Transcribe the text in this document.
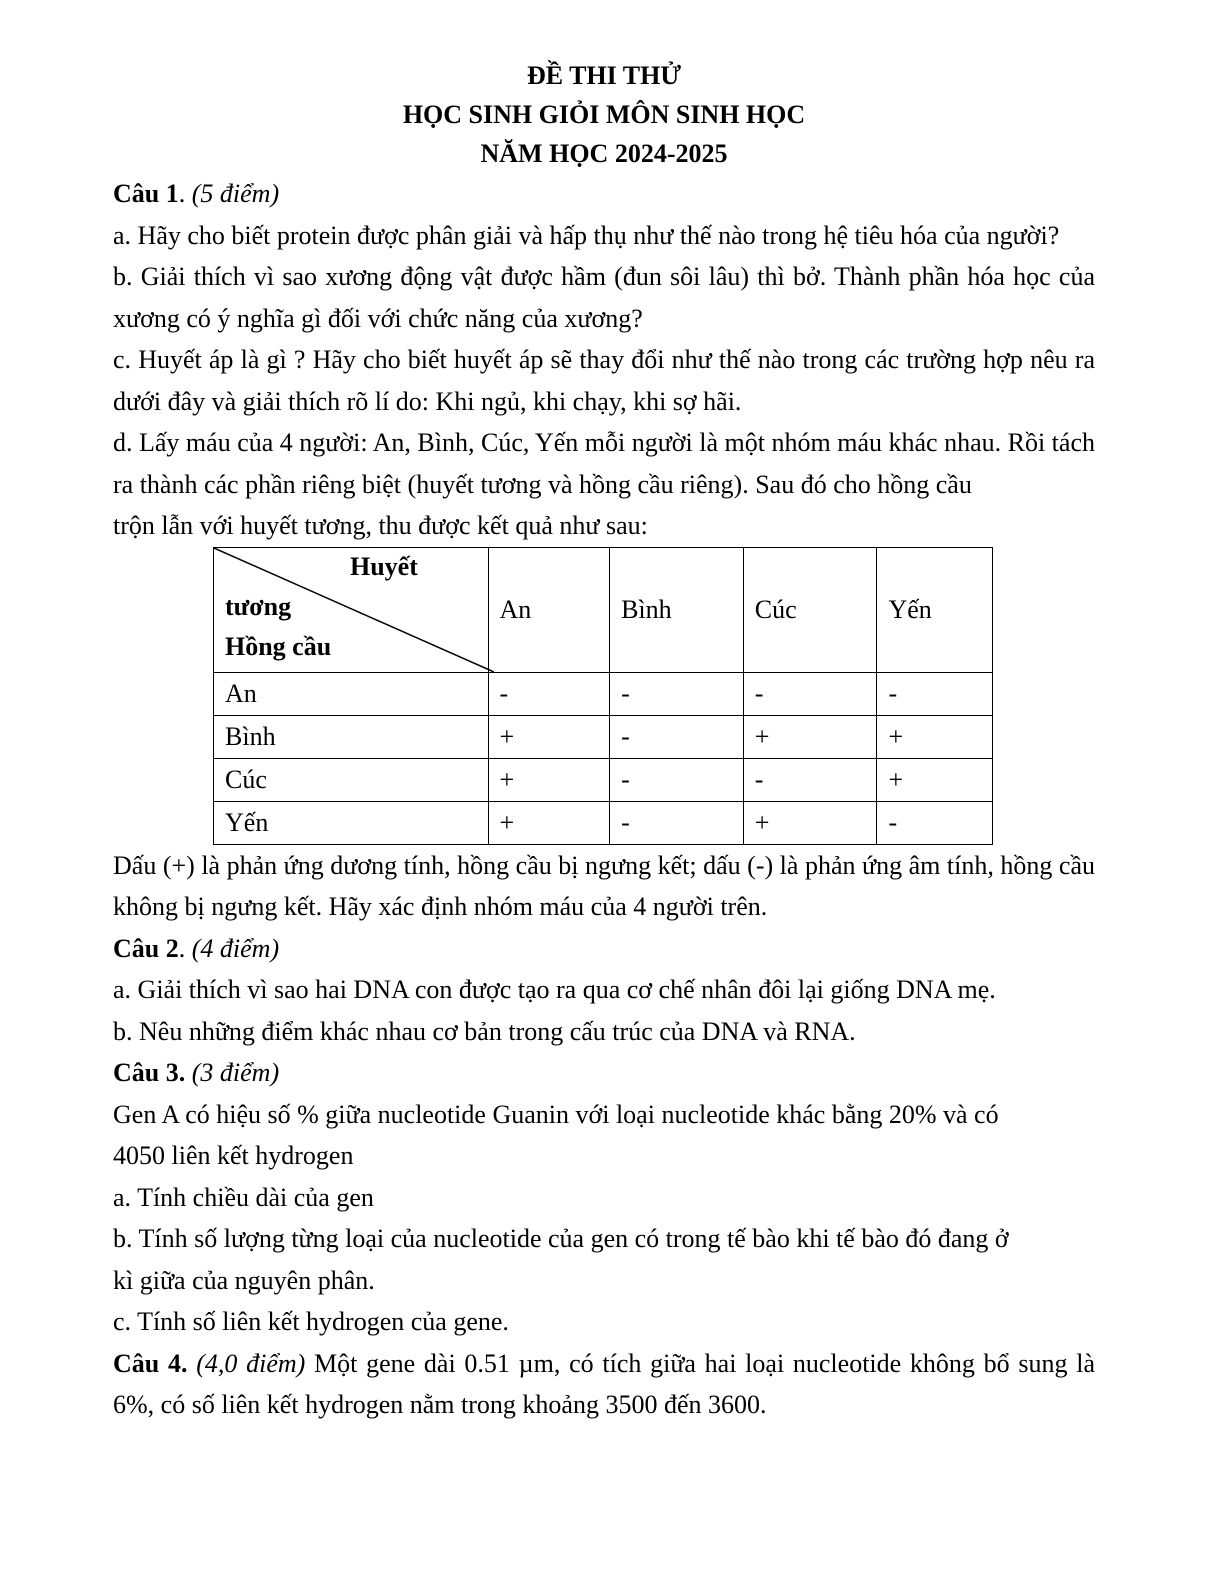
ĐỀ THI THỬ
HỌC SINH GIỎI MÔN SINH HỌC
NĂM HỌC 2024-2025

Câu 1. (5 điểm)

a. Hãy cho biết protein được phân giải và hấp thụ như thế nào trong hệ tiêu hóa của người?

b. Giải thích vì sao xương động vật được hầm (đun sôi lâu) thì bở. Thành phần hóa học của xương có ý nghĩa gì đối với chức năng của xương?

c. Huyết áp là gì ? Hãy cho biết huyết áp sẽ thay đổi như thế nào trong các trường hợp nêu ra dưới đây và giải thích rõ lí do: Khi ngủ, khi chạy, khi sợ hãi.

d. Lấy máu của 4 người: An, Bình, Cúc, Yến mỗi người là một nhóm máu khác nhau. Rồi tách ra thành các phần riêng biệt (huyết tương và hồng cầu riêng). Sau đó cho hồng cầu

trộn lẫn với huyết tương, thu được kết quả như sau:

Huyết
tương
Hồng cầu	An	Bình	Cúc	Yến
An	-	-	-	-
Bình	+	-	+	+
Cúc	+	-	-	+
Yến	+	-	+	-

Dấu (+) là phản ứng dương tính, hồng cầu bị ngưng kết; dấu (-) là phản ứng âm tính, hồng cầu không bị ngưng kết. Hãy xác định nhóm máu của 4 người trên.

Câu 2. (4 điểm)

a. Giải thích vì sao hai DNA con được tạo ra qua cơ chế nhân đôi lại giống DNA mẹ.

b. Nêu những điểm khác nhau cơ bản trong cấu trúc của DNA và RNA.

Câu 3. (3 điểm)

Gen A có hiệu số % giữa nucleotide Guanin với loại nucleotide khác bằng 20% và có

4050 liên kết hydrogen

a. Tính chiều dài của gen

b. Tính số lượng từng loại của nucleotide của gen có trong tế bào khi tế bào đó đang ở

kì giữa của nguyên phân.

c. Tính số liên kết hydrogen của gene.

Câu 4. (4,0 điểm) Một gene dài 0.51 µm, có tích giữa hai loại nucleotide không bổ sung là 6%, có số liên kết hydrogen nằm trong khoảng 3500 đến 3600.
